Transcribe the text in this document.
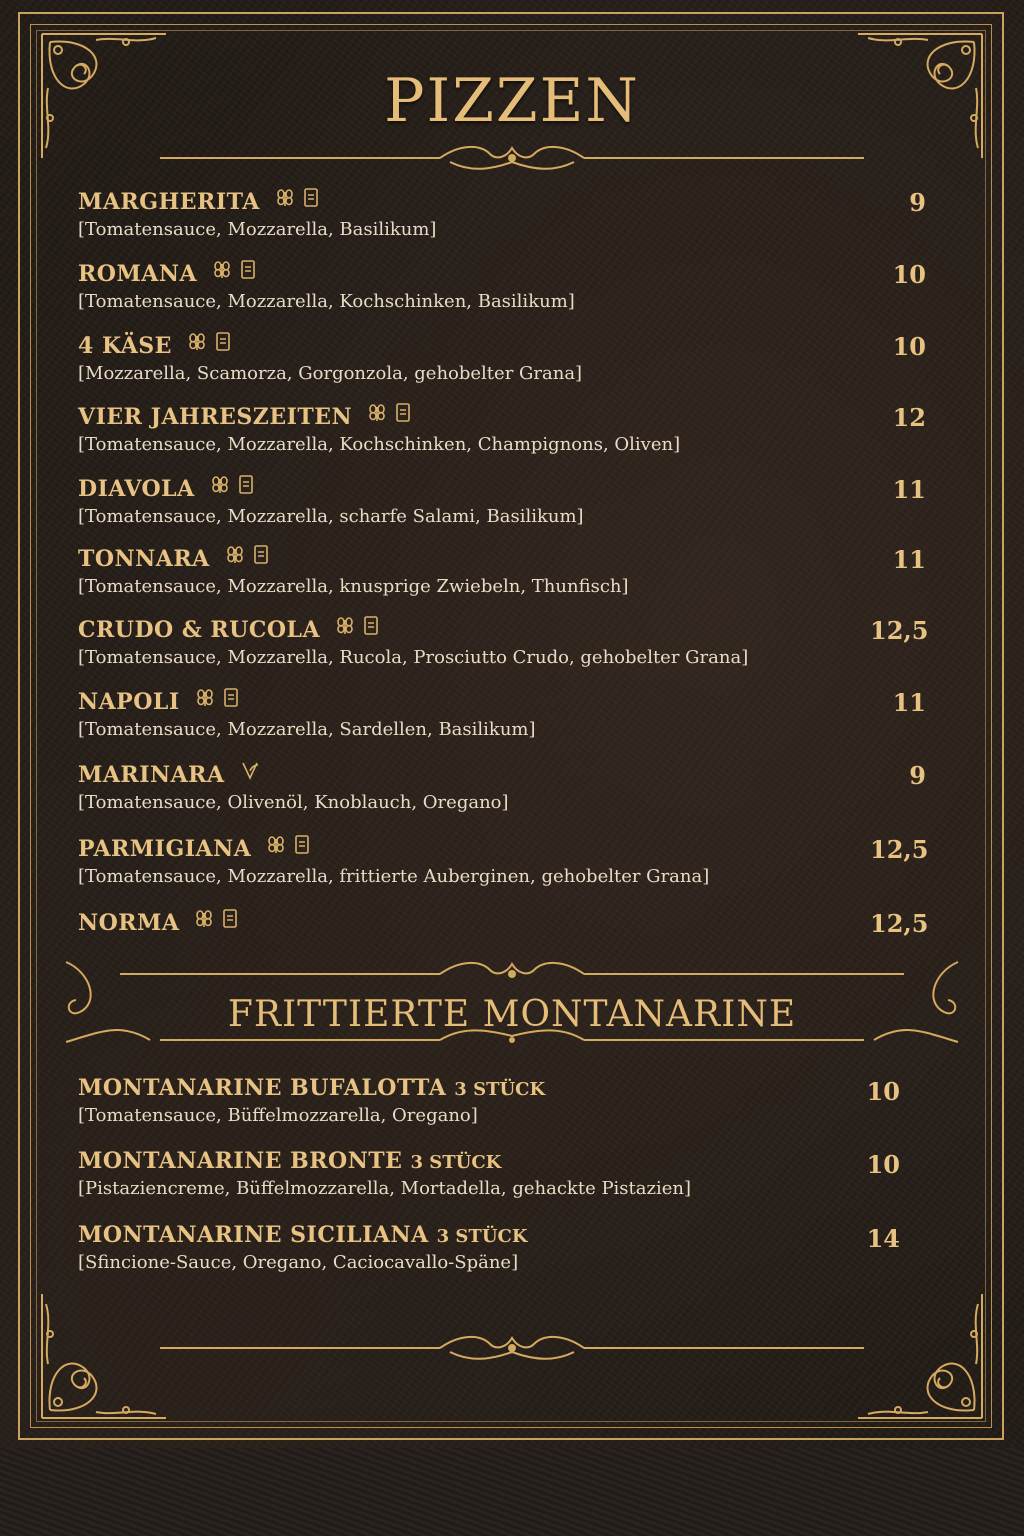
PIZZEN
MARGHERITA
[Tomatensauce, Mozzarella, Basilikum]
9
ROMANA
[Tomatensauce, Mozzarella, Kochschinken, Basilikum]
10
4 KÄSE
[Mozzarella, Scamorza, Gorgonzola, gehobelter Grana]
10
VIER JAHRESZEITEN
[Tomatensauce, Mozzarella, Kochschinken, Champignons, Oliven]
12
DIAVOLA
[Tomatensauce, Mozzarella, scharfe Salami, Basilikum]
11
TONNARA
[Tomatensauce, Mozzarella, knusprige Zwiebeln, Thunfisch]
11
CRUDO & RUCOLA
[Tomatensauce, Mozzarella, Rucola, Prosciutto Crudo, gehobelter Grana]
12,5
NAPOLI
[Tomatensauce, Mozzarella, Sardellen, Basilikum]
11
MARINARA
[Tomatensauce, Olivenöl, Knoblauch, Oregano]
9
PARMIGIANA
[Tomatensauce, Mozzarella, frittierte Auberginen, gehobelter Grana]
12,5
NORMA	12,5
FRITTIERTE MONTANARINE
MONTANARINE BUFALOTTA 3 STÜCK
[Tomatensauce, Büffelmozzarella, Oregano]
10
MONTANARINE BRONTE 3 STÜCK
[Pistaziencreme, Büffelmozzarella, Mortadella, gehackte Pistazien]
10
MONTANARINE SICILIANA 3 STÜCK
[Sfincione-Sauce, Oregano, Caciocavallo-Späne]
14
